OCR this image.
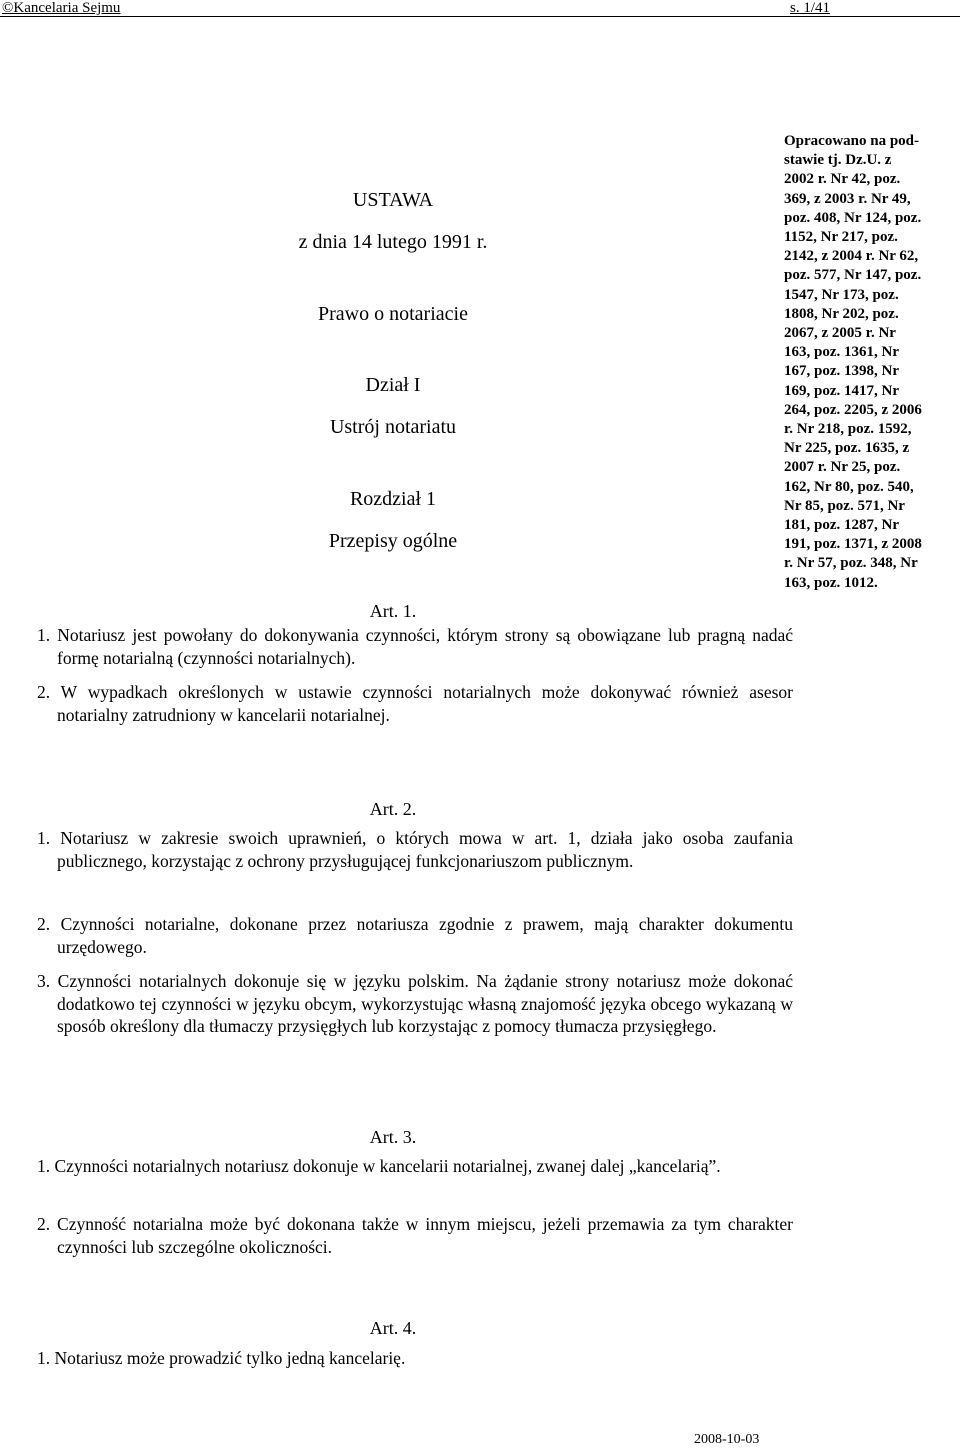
©Kancelaria Sejmu	s. 1/41
USTAWA
z dnia 14 lutego 1991 r.
Prawo o notariacie
Dział I
Ustrój notariatu
Rozdział 1
Przepisy ogólne

Opracowano na pod-

stawie tj. Dz.U. z

2002 r. Nr 42, poz.

369, z 2003 r. Nr 49,

poz. 408, Nr 124, poz.

1152, Nr 217, poz.

2142, z 2004 r. Nr 62,

poz. 577, Nr 147, poz.

1547, Nr 173, poz.

1808, Nr 202, poz.

2067, z 2005 r. Nr

163, poz. 1361, Nr

167, poz. 1398, Nr

169, poz. 1417, Nr

264, poz. 2205, z 2006

r. Nr 218, poz. 1592,

Nr 225, poz. 1635, z

2007 r. Nr 25, poz.

162, Nr 80, poz. 540,

Nr 85, poz. 571, Nr

181, poz. 1287, Nr

191, poz. 1371, z 2008

r. Nr 57, poz. 348, Nr

163, poz. 1012.

Art. 1.
1. Notariusz jest powołany do dokonywania czynności, którym strony są obowiązane lub pragną nadać formę notarialną (czynności notarialnych).
2. W wypadkach określonych w ustawie czynności notarialnych może dokonywać również asesor notarialny zatrudniony w kancelarii notarialnej.
Art. 2.
1. Notariusz w zakresie swoich uprawnień, o których mowa w art. 1, działa jako osoba zaufania publicznego, korzystając z ochrony przysługującej funkcjonariuszom publicznym.
2. Czynności notarialne, dokonane przez notariusza zgodnie z prawem, mają charakter dokumentu urzędowego.
3. Czynności notarialnych dokonuje się w języku polskim. Na żądanie strony notariusz może dokonać dodatkowo tej czynności w języku obcym, wykorzystując własną znajomość języka obcego wykazaną w sposób określony dla tłumaczy przysięgłych lub korzystając z pomocy tłumacza przysięgłego.
Art. 3.
1. Czynności notarialnych notariusz dokonuje w kancelarii notarialnej, zwanej dalej „kancelarią”.
2. Czynność notarialna może być dokonana także w innym miejscu, jeżeli przemawia za tym charakter czynności lub szczególne okoliczności.
Art. 4.
1. Notariusz może prowadzić tylko jedną kancelarię.
2008-10-03
